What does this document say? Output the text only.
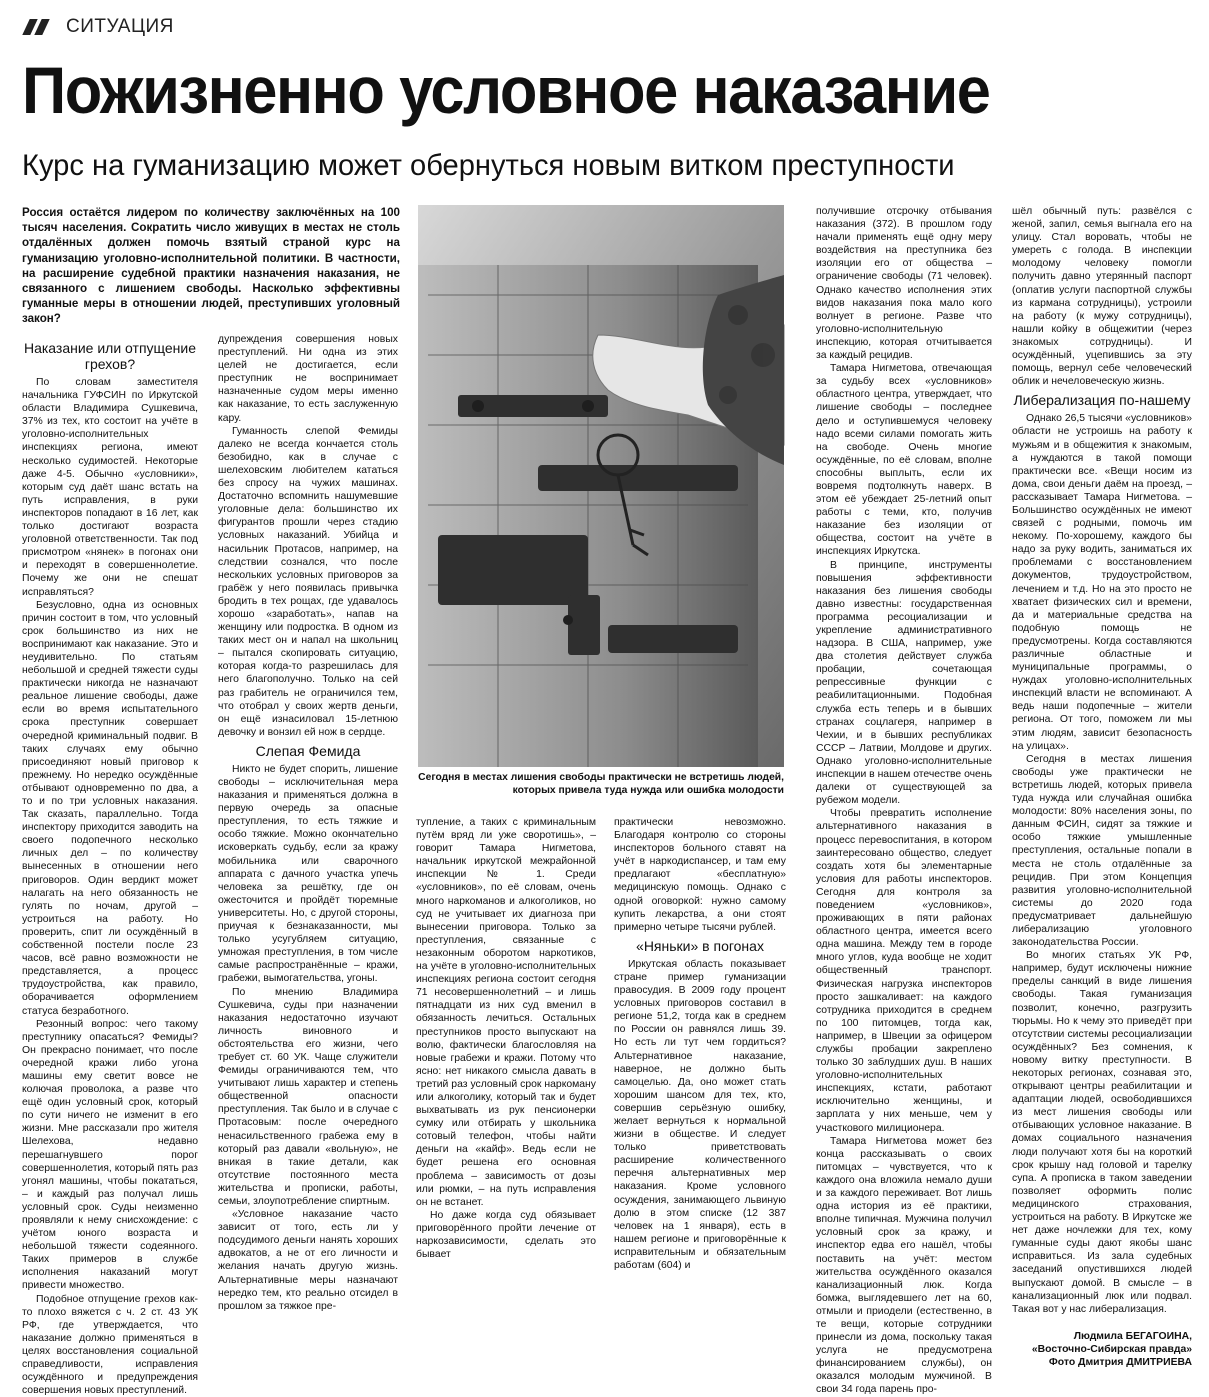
СИТУАЦИЯ
Пожизненно условное наказание
Курс на гуманизацию может обернуться новым витком преступности
Россия остаётся лидером по количеству заключённых на 100 тысяч населения. Сократить число живущих в местах не столь отдалённых должен помочь взятый страной курс на гуманизацию уголовно-исполнительной политики. В частности, на расширение судебной практики назначения наказания, не связанного с лишением свободы. Насколько эффективны гуманные меры в отношении людей, преступивших уголовный закон?
Наказание или отпущение грехов?

По словам заместителя начальника ГУФСИН по Иркутской области Владимира Сушкевича, 37% из тех, кто состоит на учёте в уголовно-исполнительных инспекциях региона, имеют несколько судимостей. Некоторые даже 4-5. Обычно «условники», которым суд даёт шанс встать на путь исправления, в руки инспекторов попадают в 16 лет, как только достигают возраста уголовной ответственности. Так под присмотром «нянек» в погонах они и переходят в совершеннолетие. Почему же они не спешат исправляться?

Безусловно, одна из основных причин состоит в том, что условный срок большинство из них не воспринимают как наказание. Это и неудивительно. По статьям небольшой и средней тяжести суды практически никогда не назначают реальное лишение свободы, даже если во время испытательного срока преступник совершает очередной криминальный подвиг. В таких случаях ему обычно присоединяют новый приговор к прежнему. Но нередко осуждённые отбывают одновременно по два, а то и по три условных наказания. Так сказать, параллельно. Тогда инспектору приходится заводить на своего подопечного несколько личных дел – по количеству вынесенных в отношении него приговоров. Один вердикт может налагать на него обязанность не гулять по ночам, другой – устроиться на работу. Но проверить, спит ли осуждённый в собственной постели после 23 часов, всё равно возможности не представляется, а процесс трудоустройства, как правило, оборачивается оформлением статуса безработного.

Резонный вопрос: чего такому преступнику опасаться? Фемиды? Он прекрасно понимает, что после очередной кражи либо угона машины ему светит вовсе не колючая проволока, а разве что ещё один условный срок, который по сути ничего не изменит в его жизни. Мне рассказали про жителя Шелехова, недавно перешагнувшего порог совершеннолетия, который пять раз угонял машины, чтобы покататься, – и каждый раз получал лишь условный срок. Суды неизменно проявляли к нему снисхождение: с учётом юного возраста и небольшой тяжести содеянного. Таких примеров в службе исполнения наказаний могут привести множество.

Подобное отпущение грехов как-то плохо вяжется с ч. 2 ст. 43 УК РФ, где утверждается, что наказание должно применяться в целях восстановления социальной справедливости, исправления осуждённого и предупреждения совершения новых преступлений.

дупреждения совершения новых преступлений. Ни одна из этих целей не достигается, если преступник не воспринимает назначенные судом меры именно как наказание, то есть заслуженную кару.

Гуманность слепой Фемиды далеко не всегда кончается столь безобидно, как в случае с шелеховским любителем кататься без спросу на чужих машинах. Достаточно вспомнить нашумевшие уголовные дела: большинство их фигурантов прошли через стадию условных наказаний. Убийца и насильник Протасов, например, на следствии сознался, что после нескольких условных приговоров за грабёж у него появилась привычка бродить в тех рощах, где удавалось хорошо «заработать», напав на женщину или подростка. В одном из таких мест он и напал на школьниц – пытался скопировать ситуацию, которая когда-то разрешилась для него благополучно. Только на сей раз грабитель не ограничился тем, что отобрал у своих жертв деньги, он ещё изнасиловал 15-летнюю девочку и вонзил ей нож в сердце.

Слепая Фемида

Никто не будет спорить, лишение свободы – исключительная мера наказания и применяться должна в первую очередь за опасные преступления, то есть тяжкие и особо тяжкие. Можно окончательно исковеркать судьбу, если за кражу мобильника или сварочного аппарата с дачного участка упечь человека за решётку, где он ожесточится и пройдёт тюремные университеты. Но, с другой стороны, приучая к безнаказанности, мы только усугубляем ситуацию, умножая преступления, в том числе самые распространённые – кражи, грабежи, вымогательства, угоны.

По мнению Владимира Сушкевича, суды при назначении наказания недостаточно изучают личность виновного и обстоятельства его жизни, чего требует ст. 60 УК. Чаще служители Фемиды ограничиваются тем, что учитывают лишь характер и степень общественной опасности преступления. Так было и в случае с Протасовым: после очередного ненасильственного грабежа ему в который раз давали «вольную», не вникая в такие детали, как отсутствие постоянного места жительства и прописки, работы, семьи, злоупотребление спиртным.

«Условное наказание часто зависит от того, есть ли у подсудимого деньги нанять хороших адвокатов, а не от его личности и желания начать другую жизнь. Альтернативные меры назначают нередко тем, кто реально отсидел в прошлом за тяжкое пре-

Сегодня в местах лишения свободы практически не встретишь людей, которых привела туда нужда или ошибка молодости

тупление, а таких с криминальным путём вряд ли уже своротишь», – говорит Тамара Нигметова, начальник иркутской межрайонной инспекции № 1. Среди «условников», по её словам, очень много наркоманов и алкоголиков, но суд не учитывает их диагноза при вынесении приговора. Только за преступления, связанные с незаконным оборотом наркотиков, на учёте в уголовно-исполнительных инспекциях региона состоит сегодня 71 несовершеннолетний – и лишь пятнадцати из них суд вменил в обязанность лечиться. Остальных преступников просто выпускают на волю, фактически благословляя на новые грабежи и кражи. Потому что ясно: нет никакого смысла давать в третий раз условный срок наркоману или алкоголику, который так и будет выхватывать из рук пенсионерки сумку или отбирать у школьника сотовый телефон, чтобы найти деньги на «кайф». Ведь если не будет решена его основная проблема – зависимость от дозы или рюмки, – на путь исправления он не встанет.

Но даже когда суд обязывает приговорённого пройти лечение от наркозависимости, сделать это бывает

практически невозможно. Благодаря контролю со стороны инспекторов больного ставят на учёт в наркодиспансер, и там ему предлагают «бесплатную» медицинскую помощь. Однако с одной оговоркой: нужно самому купить лекарства, а они стоят примерно четыре тысячи рублей.

«Няньки» в погонах

Иркутская область показывает странe пример гуманизации правосудия. В 2009 году процент условных приговоров составил в регионе 51,2, тогда как в среднем по России он равнялся лишь 39. Но есть ли тут чем гордиться? Альтернативное наказание, наверное, не должно быть самоцелью. Да, оно может стать хорошим шансом для тех, кто, совершив серьёзную ошибку, желает вернуться к нормальной жизни в обществе. И следует только приветствовать расширение количественного перечня альтернативных мер наказания. Кроме условного осуждения, занимающего львиную долю в этом списке (12 387 человек на 1 января), есть в нашем регионе и приговорённые к исправительным и обязательным работам (604) и

получившие отсрочку отбывания наказания (372). В прошлом году начали применять ещё одну меру воздействия на преступника без изоляции его от общества – ограничение свободы (71 человек). Однако качество исполнения этих видов наказания пока мало кого волнует в регионе. Разве что уголовно-исполнительную инспекцию, которая отчитывается за каждый рецидив.

Тамара Нигметова, отвечающая за судьбу всех «условников» областного центра, утверждает, что лишение свободы – последнее дело и оступившемуся человеку надо всеми силами помогать жить на свободе. Очень многие осуждённые, по её словам, вполне способны выплыть, если их вовремя подтолкнуть наверх. В этом её убеждает 25-летний опыт работы с теми, кто, получив наказание без изоляции от общества, состоит на учёте в инспекциях Иркутска.

В принципе, инструменты повышения эффективности наказания без лишения свободы давно известны: государственная программа ресоциализации и укрепление административного надзора. В США, например, уже два столетия действует служба пробации, сочетающая репрессивные функции с реабилитационными. Подобная служба есть теперь и в бывших странах соцлагеря, например в Чехии, и в бывших республиках СССР – Латвии, Молдове и других. Однако уголовно-исполнительные инспекции в нашем отечестве очень далеки от существующей за рубежом модели.

Чтобы превратить исполнение альтернативного наказания в процесс перевоспитания, в котором заинтересовано общество, следует создать хотя бы элементарные условия для работы инспекторов. Сегодня для контроля за поведением «условников», проживающих в пяти районах областного центра, имеется всего одна машина. Между тем в городе много углов, куда вообще не ходит общественный транспорт. Физическая нагрузка инспекторов просто зашкаливает: на каждого сотрудника приходится в среднем по 100 питомцев, тогда как, например, в Швеции за офицером службы пробации закреплено только 30 заблудших душ. В наших уголовно-исполнительных инспекциях, кстати, работают исключительно женщины, и зарплата у них меньше, чем у участкового милиционера.

Тамара Нигметова может без конца рассказывать о своих питомцах – чувствуется, что к каждого она вложила немало души и за каждого переживает. Вот лишь одна история из её практики, вполне типичная. Мужчина получил условный срок за кражу, и инспектор едва его нашёл, чтобы поставить на учёт: местом жительства осуждённого оказался канализационный люк. Когда бомжа, выглядевшего лет на 60, отмыли и приодели (естественно, в те вещи, которые сотрудники принесли из дома, поскольку такая услуга не предусмотрена финансированием службы), он оказался молодым мужчиной. В свои 34 года парень про-

шёл обычный путь: развёлся с женой, запил, семья выгнала его на улицу. Стал воровать, чтобы не умереть с голода. В инспекции молодому человеку помогли получить давно утерянный паспорт (оплатив услуги паспортной службы из кармана сотрудницы), устроили на работу (к мужу сотрудницы), нашли койку в общежитии (через знакомых сотрудницы). И осуждённый, уцепившись за эту помощь, вернул себе человеческий облик и нечеловеческую жизнь.

Либерализация по-нашему

Однако 26,5 тысячи «условников» области не устроишь на работу к мужьям и в общежития к знакомым, а нуждаются в такой помощи практически все. «Вещи носим из дома, свои деньги даём на проезд, – рассказывает Тамара Нигметова. – Большинство осуждённых не имеют связей с родными, помочь им некому. По-хорошему, каждого бы надо за руку водить, заниматься их проблемами с восстановлением документов, трудоустройством, лечением и т.д. Но на это просто не хватает физических сил и времени, да и материальные средства на подобную помощь не предусмотрены. Когда составляются различные областные и муниципальные программы, о нуждах уголовно-исполнительных инспекций власти не вспоминают. А ведь наши подопечные – жители региона. От того, поможем ли мы этим людям, зависит безопасность на улицах».

Сегодня в местах лишения свободы уже практически не встретишь людей, которых привела туда нужда или случайная ошибка молодости: 80% населения зоны, по данным ФСИН, сидят за тяжкие и особо тяжкие умышленные преступления, остальные попали в места не столь отдалённые за рецидив. При этом Концепция развития уголовно-исполнительной системы до 2020 года предусматривает дальнейшую либерализацию уголовного законодательства России.

Во многих статьях УК РФ, например, будут исключены нижние пределы санкций в виде лишения свободы. Такая гуманизация позволит, конечно, разгрузить тюрьмы. Но к чему это приведёт при отсутствии системы ресоциализации осуждённых? Без сомнения, к новому витку преступности. В некоторых регионах, сознавая это, открывают центры реабилитации и адаптации людей, освободившихся из мест лишения свободы или отбывающих условное наказание. В домах социального назначения люди получают хотя бы на короткий срок крышу над головой и тарелку супа. А прописка в таком заведении позволяет оформить полис медицинского страхования, устроиться на работу. В Иркутске же нет даже ночлежки для тех, кому гуманные суды дают якобы шанс исправиться. Из зала судебных заседаний опустившихся людей выпускают домой. В смысле – в канализационный люк или подвал. Такая вот у нас либерализация.

Людмила БЕГАГОИНА,
«Восточно-Сибирская правда»
Фото Дмитрия ДМИТРИЕВА
